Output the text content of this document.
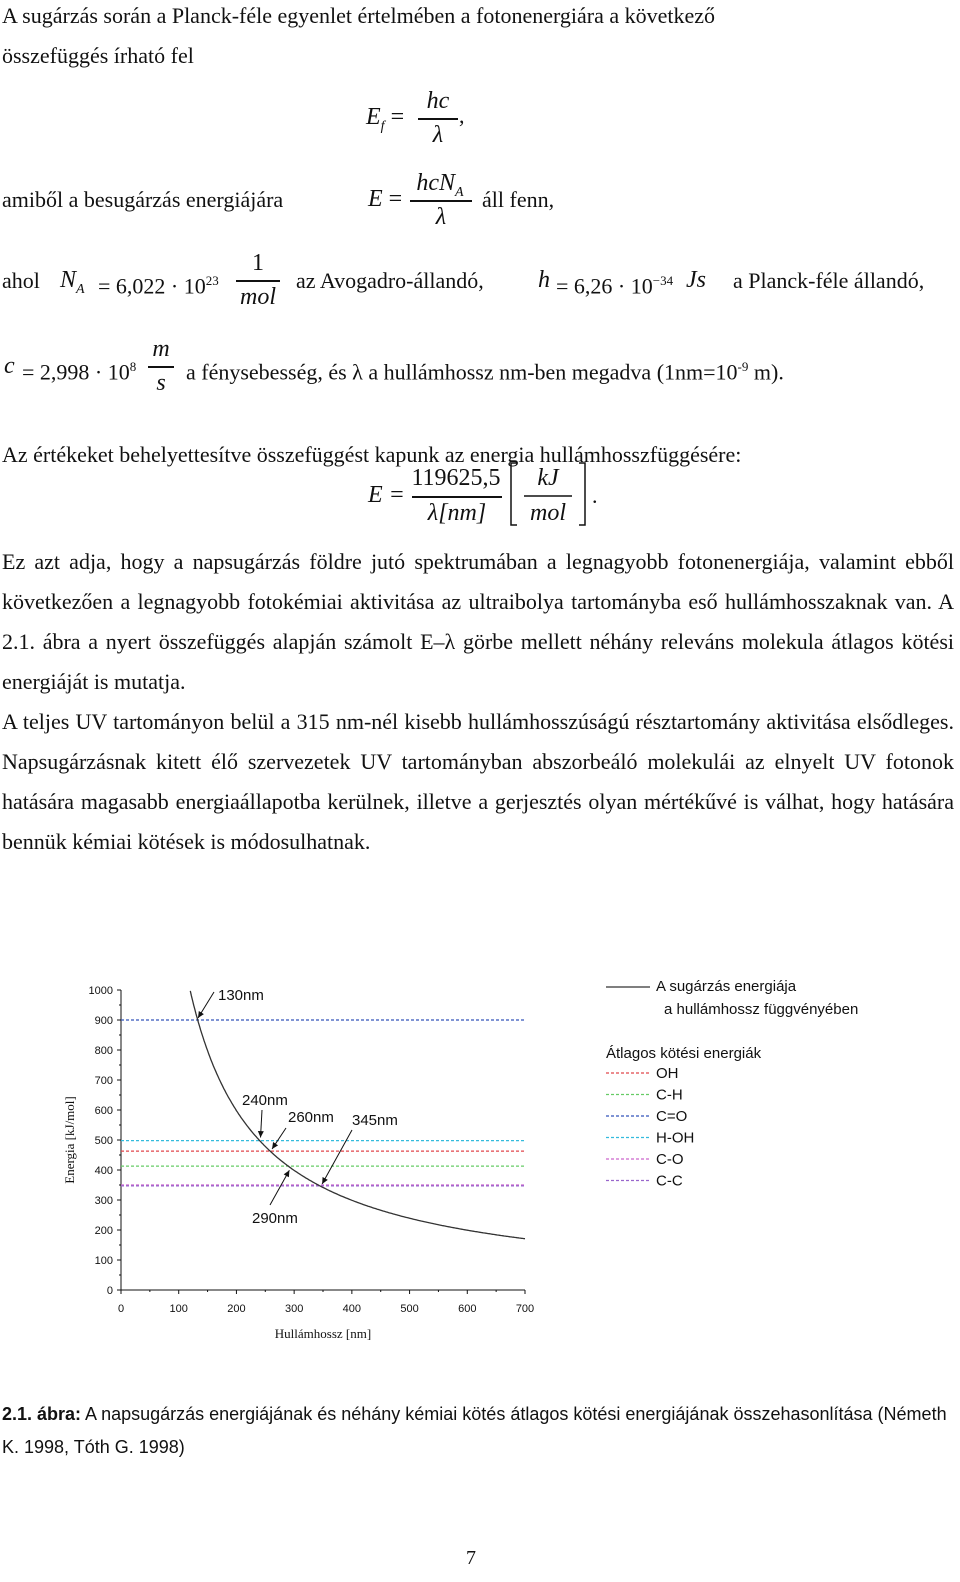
A sugárzás során a Planck-féle egyenlet értelmében a fotonenergiára a következő
összefüggés írható fel
$E_f$ =
hc
λ
,
amiből a besugárzás energiájára	E =
hcN$_A$
λ
áll fenn,
ahol $N_A = 6,022 \cdot 10^{23}$
1
mol
az Avogadro-állandó, $h = 6,26 \cdot 10^{-34}$ Js a Planck-féle állandó,
$c = 2,998 \cdot 10^8$
m
s a fénysebesség, és λ a hullámhossz nm-ben megadva ($1nm=10^{-9}$ m).
Az értékeket behelyettesítve összefüggést kapunk az energia hullámhosszfüggésére:
E =
119625,5
λ[nm]
kJ
mol
.
Ez azt adja, hogy a napsugárzás földre jutó spektrumában a legnagyobb fotonenergiája, valamint ebből következően a legnagyobb fotokémiai aktivitása az ultraibolya tartományba eső hullámhosszaknak van. A 2.1. ábra a nyert összefüggés alapján számolt E–λ görbe mellett néhány releváns molekula átlagos kötési energiáját is mutatja.
A teljes UV tartományon belül a 315 nm-nél kisebb hullámhosszúságú résztartomány aktivitása elsődleges. Napsugárzásnak kitett élő szervezetek UV tartományban abszorbeáló molekulái az elnyelt UV fotonok hatására magasabb energiaállapotba kerülnek, illetve a gerjesztés olyan mértékűvé is válhat, hogy hatására bennük kémiai kötések is módosulhatnak.
0
100
200
300
400
500
600
700
800
900
1000
0	100	200	300	400	500	600	700
Hullámhossz [nm]
Energia [kJ/mol]
130nm
240nm
260nm 345nm
290nm
A sugárzás energiája
a hullámhossz függvényében
Átlagos kötési energiák
OH
C-H
C=O
H-OH
C-O
C-C
2.1. ábra: A napsugárzás energiájának és néhány kémiai kötés átlagos kötési energiájának összehasonlítása (Németh K. 1998, Tóth G. 1998)
7
